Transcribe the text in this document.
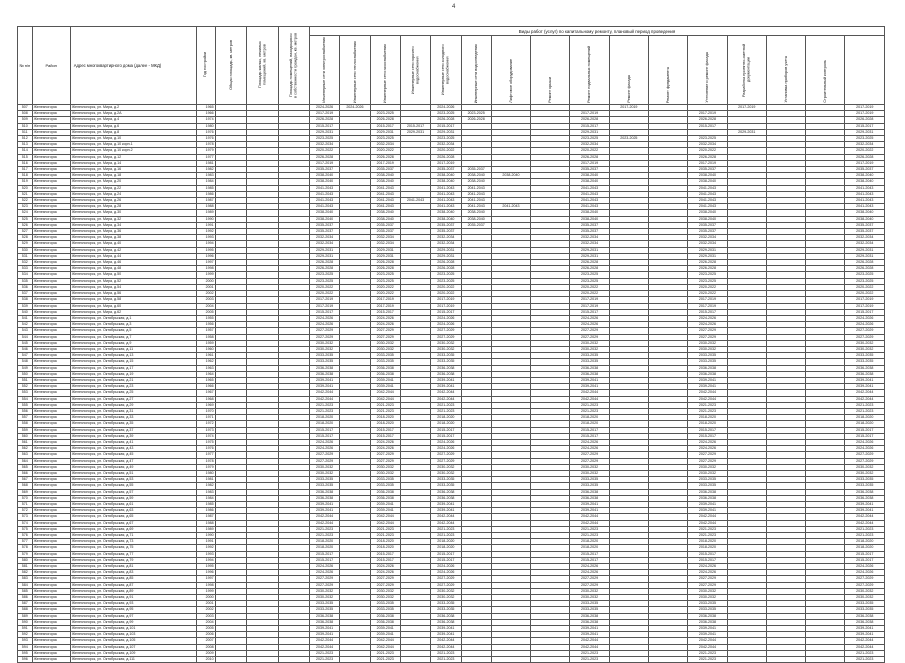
4
№ п/п	Район	Адрес многоквартирного дома (далее - МКД)	Год постройки	Общая площадь, кв. метров	Площадь жилых, нежилых помещений, кв. метров	Площадь помещений, находящихся в собственности граждан, кв. метров	Виды работ (услуг) по капитальному ремонту, плановый период проведения															
							Инженерные сети электроснабжения	Инженерные сети теплоснабжения	Инженерные сети газоснабжения	Инженерные сети горячего водоснабжения	Инженерные сети холодного водоснабжения	Инженерные сети водоотведения	Лифтовое оборудование	Ремонт крыши	Ремонт подвальных помещений	Ремонт фасада	Ремонт фундамента	Утепление и ремонт фасада	Разработка проектно-сметной документации	Установка приборов учета	Строительный контроль	
507	Железногорск	Железногорск, ул. Мира, д.2	1965				2024-2026	2024-2026			2024-2026					2017-2019			2017-2019			2017-2019
508	Железногорск	Железногорск, ул. Мира, д.2А	1966				2017-2019		2023-2025		2023-2025	2023-2025			2017-2019			2017-2019				2017-2019
509	Железногорск	Железногорск, ул. Мира, д.4	1974				2026-2028		2026-2028		2026-2028	2026-2028			2026-2028			2026-2028				2026-2028
510	Железногорск	Железногорск, ул. Мира, д.6	1980				2015-2017		2015-2017	2015-2017	2015-2017				2015-2017			2015-2017				2015-2017
511	Железногорск	Железногорск, ул. Мира, д.8	1976				2029-2031		2029-2031	2029-2031	2029-2031				2029-2031				2029-2031			2029-2031
512	Железногорск	Железногорск, ул. Мира, д.10	1976				2023-2025		2023-2025		2023-2025				2023-2025	2023-2025		2023-2025				2023-2025
513	Железногорск	Железногорск, ул. Мира, д.10 корп.1	1978				2032-2034		2032-2034		2032-2034				2032-2034			2032-2034				2032-2034
514	Железногорск	Железногорск, ул. Мира, д.10 корп.2	1979				2020-2022		2020-2022		2020-2022				2020-2022			2020-2022				2020-2022
515	Железногорск	Железногорск, ул. Мира, д.12	1977				2026-2028		2026-2028		2026-2028				2026-2028			2026-2028				2026-2028
516	Железногорск	Железногорск, ул. Мира, д.14	1981				2017-2019		2017-2019		2017-2019				2017-2019			2017-2019				2017-2019
517	Железногорск	Железногорск, ул. Мира, д.16	1982				2035-2037		2035-2037		2035-2037	2035-2037			2035-2037			2035-2037				2035-2037
518	Железногорск	Железногорск, ул. Мира, д.18	1983				2038-2040		2038-2040		2038-2040	2038-2040	2038-2040		2038-2040			2038-2040				2038-2040
519	Железногорск	Железногорск, ул. Мира, д.20	1984				2038-2040		2038-2040		2038-2040	2038-2040			2038-2040			2038-2040				2038-2040
520	Железногорск	Железногорск, ул. Мира, д.22	1985				2041-2043		2041-2043		2041-2043	2041-2043			2041-2043			2041-2043				2041-2043
521	Железногорск	Железногорск, ул. Мира, д.24	1986				2041-2043		2041-2043		2041-2043	2041-2043			2041-2043			2041-2043				2041-2043
522	Железногорск	Железногорск, ул. Мира, д.26	1987				2041-2043		2041-2043	2041-2043	2041-2043	2041-2043			2041-2043			2041-2043				2041-2043
523	Железногорск	Железногорск, ул. Мира, д.28	1988				2041-2043		2041-2043		2041-2043	2041-2043	2041-2043		2041-2043			2041-2043				2041-2043
524	Железногорск	Железногорск, ул. Мира, д.30	1989				2038-2040		2038-2040		2038-2040	2038-2040			2038-2040			2038-2040				2038-2040
525	Железногорск	Железногорск, ул. Мира, д.32	1990				2038-2040		2038-2040		2038-2040	2038-2040			2038-2040			2038-2040				2038-2040
526	Железногорск	Железногорск, ул. Мира, д.34	1991				2035-2037		2035-2037		2035-2037	2035-2037			2035-2037			2035-2037				2035-2037
527	Железногорск	Железногорск, ул. Мира, д.36	1992				2035-2037		2035-2037		2035-2037				2035-2037			2035-2037				2035-2037
528	Железногорск	Железногорск, ул. Мира, д.38	1993				2032-2034		2032-2034		2032-2034				2032-2034			2032-2034				2032-2034
529	Железногорск	Железногорск, ул. Мира, д.40	1994				2032-2034		2032-2034		2032-2034				2032-2034			2032-2034				2032-2034
530	Железногорск	Железногорск, ул. Мира, д.42	1995				2029-2031		2029-2031		2029-2031				2029-2031			2029-2031				2029-2031
531	Железногорск	Железногорск, ул. Мира, д.44	1996				2029-2031		2029-2031		2029-2031				2029-2031			2029-2031				2029-2031
532	Железногорск	Железногорск, ул. Мира, д.46	1997				2026-2028		2026-2028		2026-2028				2026-2028			2026-2028				2026-2028
533	Железногорск	Железногорск, ул. Мира, д.48	1998				2026-2028		2026-2028		2026-2028				2026-2028			2026-2028				2026-2028
534	Железногорск	Железногорск, ул. Мира, д.50	1999				2023-2025		2023-2025		2023-2025				2023-2025			2023-2025				2023-2025
535	Железногорск	Железногорск, ул. Мира, д.52	2000				2023-2025		2023-2025		2023-2025				2023-2025			2023-2025				2023-2025
536	Железногорск	Железногорск, ул. Мира, д.54	2001				2020-2022		2020-2022		2020-2022				2020-2022			2020-2022				2020-2022
537	Железногорск	Железногорск, ул. Мира, д.56	2002				2020-2022		2020-2022		2020-2022				2020-2022			2020-2022				2020-2022
538	Железногорск	Железногорск, ул. Мира, д.58	2003				2017-2019		2017-2019		2017-2019				2017-2019			2017-2019				2017-2019
539	Железногорск	Железногорск, ул. Мира, д.60	2004				2017-2019		2017-2019		2017-2019				2017-2019			2017-2019				2017-2019
540	Железногорск	Железногорск, ул. Мира, д.62	2005				2015-2017		2015-2017		2015-2017				2015-2017			2015-2017				2015-2017
541	Железногорск	Железногорск, ул. Октябрьская, д.1	1955				2024-2026		2024-2026		2024-2026				2024-2026			2024-2026				2024-2026
542	Железногорск	Железногорск, ул. Октябрьская, д.3	1956				2024-2026		2024-2026		2024-2026				2024-2026			2024-2026				2024-2026
543	Железногорск	Железногорск, ул. Октябрьская, д.5	1957				2027-2029		2027-2029		2027-2029				2027-2029			2027-2029				2027-2029
544	Железногорск	Железногорск, ул. Октябрьская, д.7	1958				2027-2029		2027-2029		2027-2029				2027-2029			2027-2029				2027-2029
545	Железногорск	Железногорск, ул. Октябрьская, д.9	1959				2030-2032		2030-2032		2030-2032				2030-2032			2030-2032				2030-2032
546	Железногорск	Железногорск, ул. Октябрьская, д.11	1960				2030-2032		2030-2032		2030-2032				2030-2032			2030-2032				2030-2032
547	Железногорск	Железногорск, ул. Октябрьская, д.13	1961				2033-2035		2033-2035		2033-2035				2033-2035			2033-2035				2033-2035
548	Железногорск	Железногорск, ул. Октябрьская, д.15	1962				2033-2035		2033-2035		2033-2035				2033-2035			2033-2035				2033-2035
549	Железногорск	Железногорск, ул. Октябрьская, д.17	1963				2036-2038		2036-2038		2036-2038				2036-2038			2036-2038				2036-2038
550	Железногорск	Железногорск, ул. Октябрьская, д.19	1964				2036-2038		2036-2038		2036-2038				2036-2038			2036-2038				2036-2038
551	Железногорск	Железногорск, ул. Октябрьская, д.21	1965				2039-2041		2039-2041		2039-2041				2039-2041			2039-2041				2039-2041
552	Железногорск	Железногорск, ул. Октябрьская, д.23	1966				2039-2041		2039-2041		2039-2041				2039-2041			2039-2041				2039-2041
553	Железногорск	Железногорск, ул. Октябрьская, д.25	1967				2042-2044		2042-2044		2042-2044				2042-2044			2042-2044				2042-2044
554	Железногорск	Железногорск, ул. Октябрьская, д.27	1968				2042-2044		2042-2044		2042-2044				2042-2044			2042-2044				2042-2044
555	Железногорск	Железногорск, ул. Октябрьская, д.29	1969				2021-2023		2021-2023		2021-2023				2021-2023			2021-2023				2021-2023
556	Железногорск	Железногорск, ул. Октябрьская, д.31	1970				2021-2023		2021-2023		2021-2023				2021-2023			2021-2023				2021-2023
557	Железногорск	Железногорск, ул. Октябрьская, д.33	1971				2018-2020		2018-2020		2018-2020				2018-2020			2018-2020				2018-2020
558	Железногорск	Железногорск, ул. Октябрьская, д.35	1972				2018-2020		2018-2020		2018-2020				2018-2020			2018-2020				2018-2020
559	Железногорск	Железногорск, ул. Октябрьская, д.37	1973				2015-2017		2015-2017		2015-2017				2015-2017			2015-2017				2015-2017
560	Железногорск	Железногорск, ул. Октябрьская, д.39	1974				2015-2017		2015-2017		2015-2017				2015-2017			2015-2017				2015-2017
561	Железногорск	Железногорск, ул. Октябрьская, д.41	1975				2024-2026		2024-2026		2024-2026				2024-2026			2024-2026				2024-2026
562	Железногорск	Железногорск, ул. Октябрьская, д.43	1976				2024-2026		2024-2026		2024-2026				2024-2026			2024-2026				2024-2026
563	Железногорск	Железногорск, ул. Октябрьская, д.45	1977				2027-2029		2027-2029		2027-2029				2027-2029			2027-2029				2027-2029
564	Железногорск	Железногорск, ул. Октябрьская, д.47	1978				2027-2029		2027-2029		2027-2029				2027-2029			2027-2029				2027-2029
565	Железногорск	Железногорск, ул. Октябрьская, д.49	1979				2030-2032		2030-2032		2030-2032				2030-2032			2030-2032				2030-2032
566	Железногорск	Железногорск, ул. Октябрьская, д.51	1980				2030-2032		2030-2032		2030-2032				2030-2032			2030-2032				2030-2032
567	Железногорск	Железногорск, ул. Октябрьская, д.53	1981				2033-2035		2033-2035		2033-2035				2033-2035			2033-2035				2033-2035
568	Железногорск	Железногорск, ул. Октябрьская, д.55	1982				2033-2035		2033-2035		2033-2035				2033-2035			2033-2035				2033-2035
569	Железногорск	Железногорск, ул. Октябрьская, д.57	1983				2036-2038		2036-2038		2036-2038				2036-2038			2036-2038				2036-2038
570	Железногорск	Железногорск, ул. Октябрьская, д.59	1984				2036-2038		2036-2038		2036-2038				2036-2038			2036-2038				2036-2038
571	Железногорск	Железногорск, ул. Октябрьская, д.61	1985				2039-2041		2039-2041		2039-2041				2039-2041			2039-2041				2039-2041
572	Железногорск	Железногорск, ул. Октябрьская, д.63	1986				2039-2041		2039-2041		2039-2041				2039-2041			2039-2041				2039-2041
573	Железногорск	Железногорск, ул. Октябрьская, д.65	1987				2042-2044		2042-2044		2042-2044				2042-2044			2042-2044				2042-2044
574	Железногорск	Железногорск, ул. Октябрьская, д.67	1988				2042-2044		2042-2044		2042-2044				2042-2044			2042-2044				2042-2044
575	Железногорск	Железногорск, ул. Октябрьская, д.69	1989				2021-2023		2021-2023		2021-2023				2021-2023			2021-2023				2021-2023
576	Железногорск	Железногорск, ул. Октябрьская, д.71	1990				2021-2023		2021-2023		2021-2023				2021-2023			2021-2023				2021-2023
577	Железногорск	Железногорск, ул. Октябрьская, д.73	1991				2018-2020		2018-2020		2018-2020				2018-2020			2018-2020				2018-2020
578	Железногорск	Железногорск, ул. Октябрьская, д.75	1992				2018-2020		2018-2020		2018-2020				2018-2020			2018-2020				2018-2020
579	Железногорск	Железногорск, ул. Октябрьская, д.77	1993				2015-2017		2015-2017		2015-2017				2015-2017			2015-2017				2015-2017
580	Железногорск	Железногорск, ул. Октябрьская, д.79	1994				2015-2017		2015-2017		2015-2017				2015-2017			2015-2017				2015-2017
581	Железногорск	Железногорск, ул. Октябрьская, д.81	1995				2024-2026		2024-2026		2024-2026				2024-2026			2024-2026				2024-2026
582	Железногорск	Железногорск, ул. Октябрьская, д.83	1996				2024-2026		2024-2026		2024-2026				2024-2026			2024-2026				2024-2026
583	Железногорск	Железногорск, ул. Октябрьская, д.85	1997				2027-2029		2027-2029		2027-2029				2027-2029			2027-2029				2027-2029
584	Железногорск	Железногорск, ул. Октябрьская, д.87	1998				2027-2029		2027-2029		2027-2029				2027-2029			2027-2029				2027-2029
585	Железногорск	Железногорск, ул. Октябрьская, д.89	1999				2030-2032		2030-2032		2030-2032				2030-2032			2030-2032				2030-2032
586	Железногорск	Железногорск, ул. Октябрьская, д.91	2000				2030-2032		2030-2032		2030-2032				2030-2032			2030-2032				2030-2032
587	Железногорск	Железногорск, ул. Октябрьская, д.93	2001				2033-2035		2033-2035		2033-2035				2033-2035			2033-2035				2033-2035
588	Железногорск	Железногорск, ул. Октябрьская, д.95	2002				2033-2035		2033-2035		2033-2035				2033-2035			2033-2035				2033-2035
589	Железногорск	Железногорск, ул. Октябрьская, д.97	2003				2036-2038		2036-2038		2036-2038				2036-2038			2036-2038				2036-2038
590	Железногорск	Железногорск, ул. Октябрьская, д.99	2004				2036-2038		2036-2038		2036-2038				2036-2038			2036-2038				2036-2038
591	Железногорск	Железногорск, ул. Октябрьская, д.101	2005				2039-2041		2039-2041		2039-2041				2039-2041			2039-2041				2039-2041
592	Железногорск	Железногорск, ул. Октябрьская, д.103	2006				2039-2041		2039-2041		2039-2041				2039-2041			2039-2041				2039-2041
593	Железногорск	Железногорск, ул. Октябрьская, д.105	2007				2042-2044		2042-2044		2042-2044				2042-2044			2042-2044				2042-2044
594	Железногорск	Железногорск, ул. Октябрьская, д.107	2008				2042-2044		2042-2044		2042-2044				2042-2044			2042-2044				2042-2044
595	Железногорск	Железногорск, ул. Октябрьская, д.109	2009				2021-2023		2021-2023		2021-2023				2021-2023			2021-2023				2021-2023
596	Железногорск	Железногорск, ул. Октябрьская, д.111	2010				2021-2023		2021-2023		2021-2023				2021-2023			2021-2023				2021-2023
